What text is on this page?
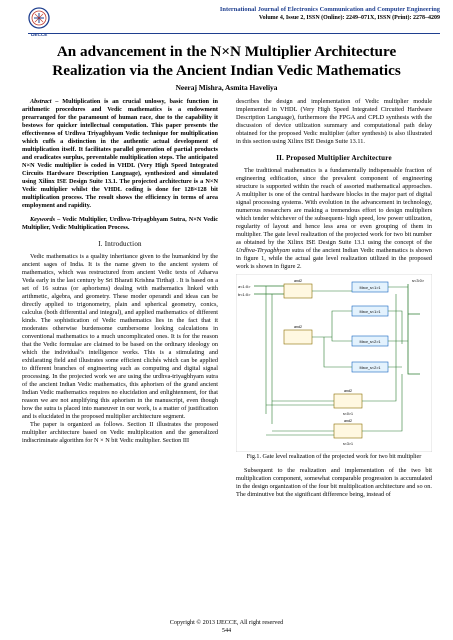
IJECCE
International Journal of Electronics Communication and Computer Engineering
Volume 4, Issue 2, ISSN (Online): 2249–071X, ISSN (Print): 2278–4209
An advancement in the N×N Multiplier Architecture
Realization via the Ancient Indian Vedic Mathematics
Neeraj Mishra, Asmita Haveliya

Abstract – Multiplication is an crucial unlossy, basic function in arithmetic procedures and Vedic mathematics is a endowment prearranged for the paramount of human race, due to the capability it bestows for quicker intellectual computation. This paper presents the effectiveness of Urdhva Triyagbhyam Vedic technique for multiplication which cuffs a distinction in the authentic actual development of multiplication itself. It facilitates parallel generation of partial products and eradicates surplus, preventable multiplication steps. The anticipated N×N Vedic multiplier is coded in VHDL (Very High Speed Integrated Circuits Hardware Description Language), synthesized and simulated using Xilinx ISE Design Suite 13.1. The projected architecture is a N×N Vedic multiplier whilst the VHDL coding is done for 128×128 bit multiplication process. The result shows the efficiency in terms of area employment and rapidity.

Keywords – Vedic Multiplier, Urdhva-Triyagbhyam Sutra, N×N Vedic Multiplier, Vedic Multiplication Process.

I. Introduction

Vedic mathematics is a quality inheritance given to the humankind by the ancient sages of India. It is the name given to the ancient system of mathematics, which was restructured from ancient Vedic texts of Atharva Veda early in the last century by Sri Bharati Krishna Tirthaji . It is based on a set of 16 sutras (or aphorisms) dealing with mathematics linked with arithmetic, algebra, and geometry. These moder operandi and ideas can be directly applied to trigonometry, plain and spherical geometry, conics, calculus (both differential and integral), and applied mathematics of different kinds. The sophistication of Vedic mathematics lies in the fact that it moderates otherwise burdensome cumbersome looking calculations in conventional mathematics to a much uncomplicated ones. It is for the reason that the Vedic formulae are claimed to be based on the ordinary ideology on which the individual’s intelligence works. This is a stimulating and exhilarating field and illustrates some efficient clichés which can be applied to different branches of engineering such as computing and digital signal processing. In the projected work we are using the urdhva-triyagbhyam sutra of the ancient Indian Vedic mathematics, this aphorism of the grand ancient Indian Vedic mathematics requires no elucidation and enlightenment, for that reason we are not amplifying this aphorism in the manuscript, even though how the sutra is placed into maneuver in our work, is a matter of justification and is elucidated in the proposed multiplier architecture segment.

The paper is organized as follows. Section II illustrates the proposed multiplier architecture based on Vedic multiplication and the generalized indiscriminate algorithm for N × N bit Vedic multiplier. Section III

describes the design and implementation of Vedic multiplier module implemented in VHDL (Very High Speed Integrated Circuited Hardware Description Language), furthermore the FPGA and CPLD synthesis with the discussion of device utilization summary and computational path delay obtained for the proposed Vedic multiplier (after synthesis) is also illustrated in this section using Xilinx ISE Design Suite 13.11.

II. Proposed Multiplier Architecture

The traditional mathematics is a fundamentally indispensable fraction of engineering edification, since the prevalent component of engineering structure is supported within the reach of assorted mathematical approaches. A multiplier is one of the central hardware blocks in the major part of digital signal processing systems. With evolution in the advancement in technology, numerous researchers are making a tremendous effort to design multipliers which tender whichever of the subsequent- high speed, low power utilization, regularity of layout and hence less area or even grouping of them in multiplier. The gate level realization of the projected work for two bit number as obtained by the Xilinx ISE Design Suite 13.1 using the concept of the Urdhva-Tiryagbhyam sutra of the ancient Indian Vedic mathematics is shown in figure 1, while the actual gate level realization utilized in the proposed work is shown in figure 2.

a<1:0>
b<1:0>
and2
and2
and2
and2
Mxor_s<1>1
Mxor_s<1>1
Mxor_s<2>1
Mxor_s<2>1
s<3:0>
s<0>1
s<3>1

Fig.1. Gate level realization of the projected work for two bit multiplier

Subsequent to the realization and implementation of the two bit multiplication component, somewhat comparable progression is accumulated in the design organization of the four bit multiplication architecture and so on. The diminutive but the significant difference being, instead of

Copyright © 2013 IJECCE, All right reserved
544
